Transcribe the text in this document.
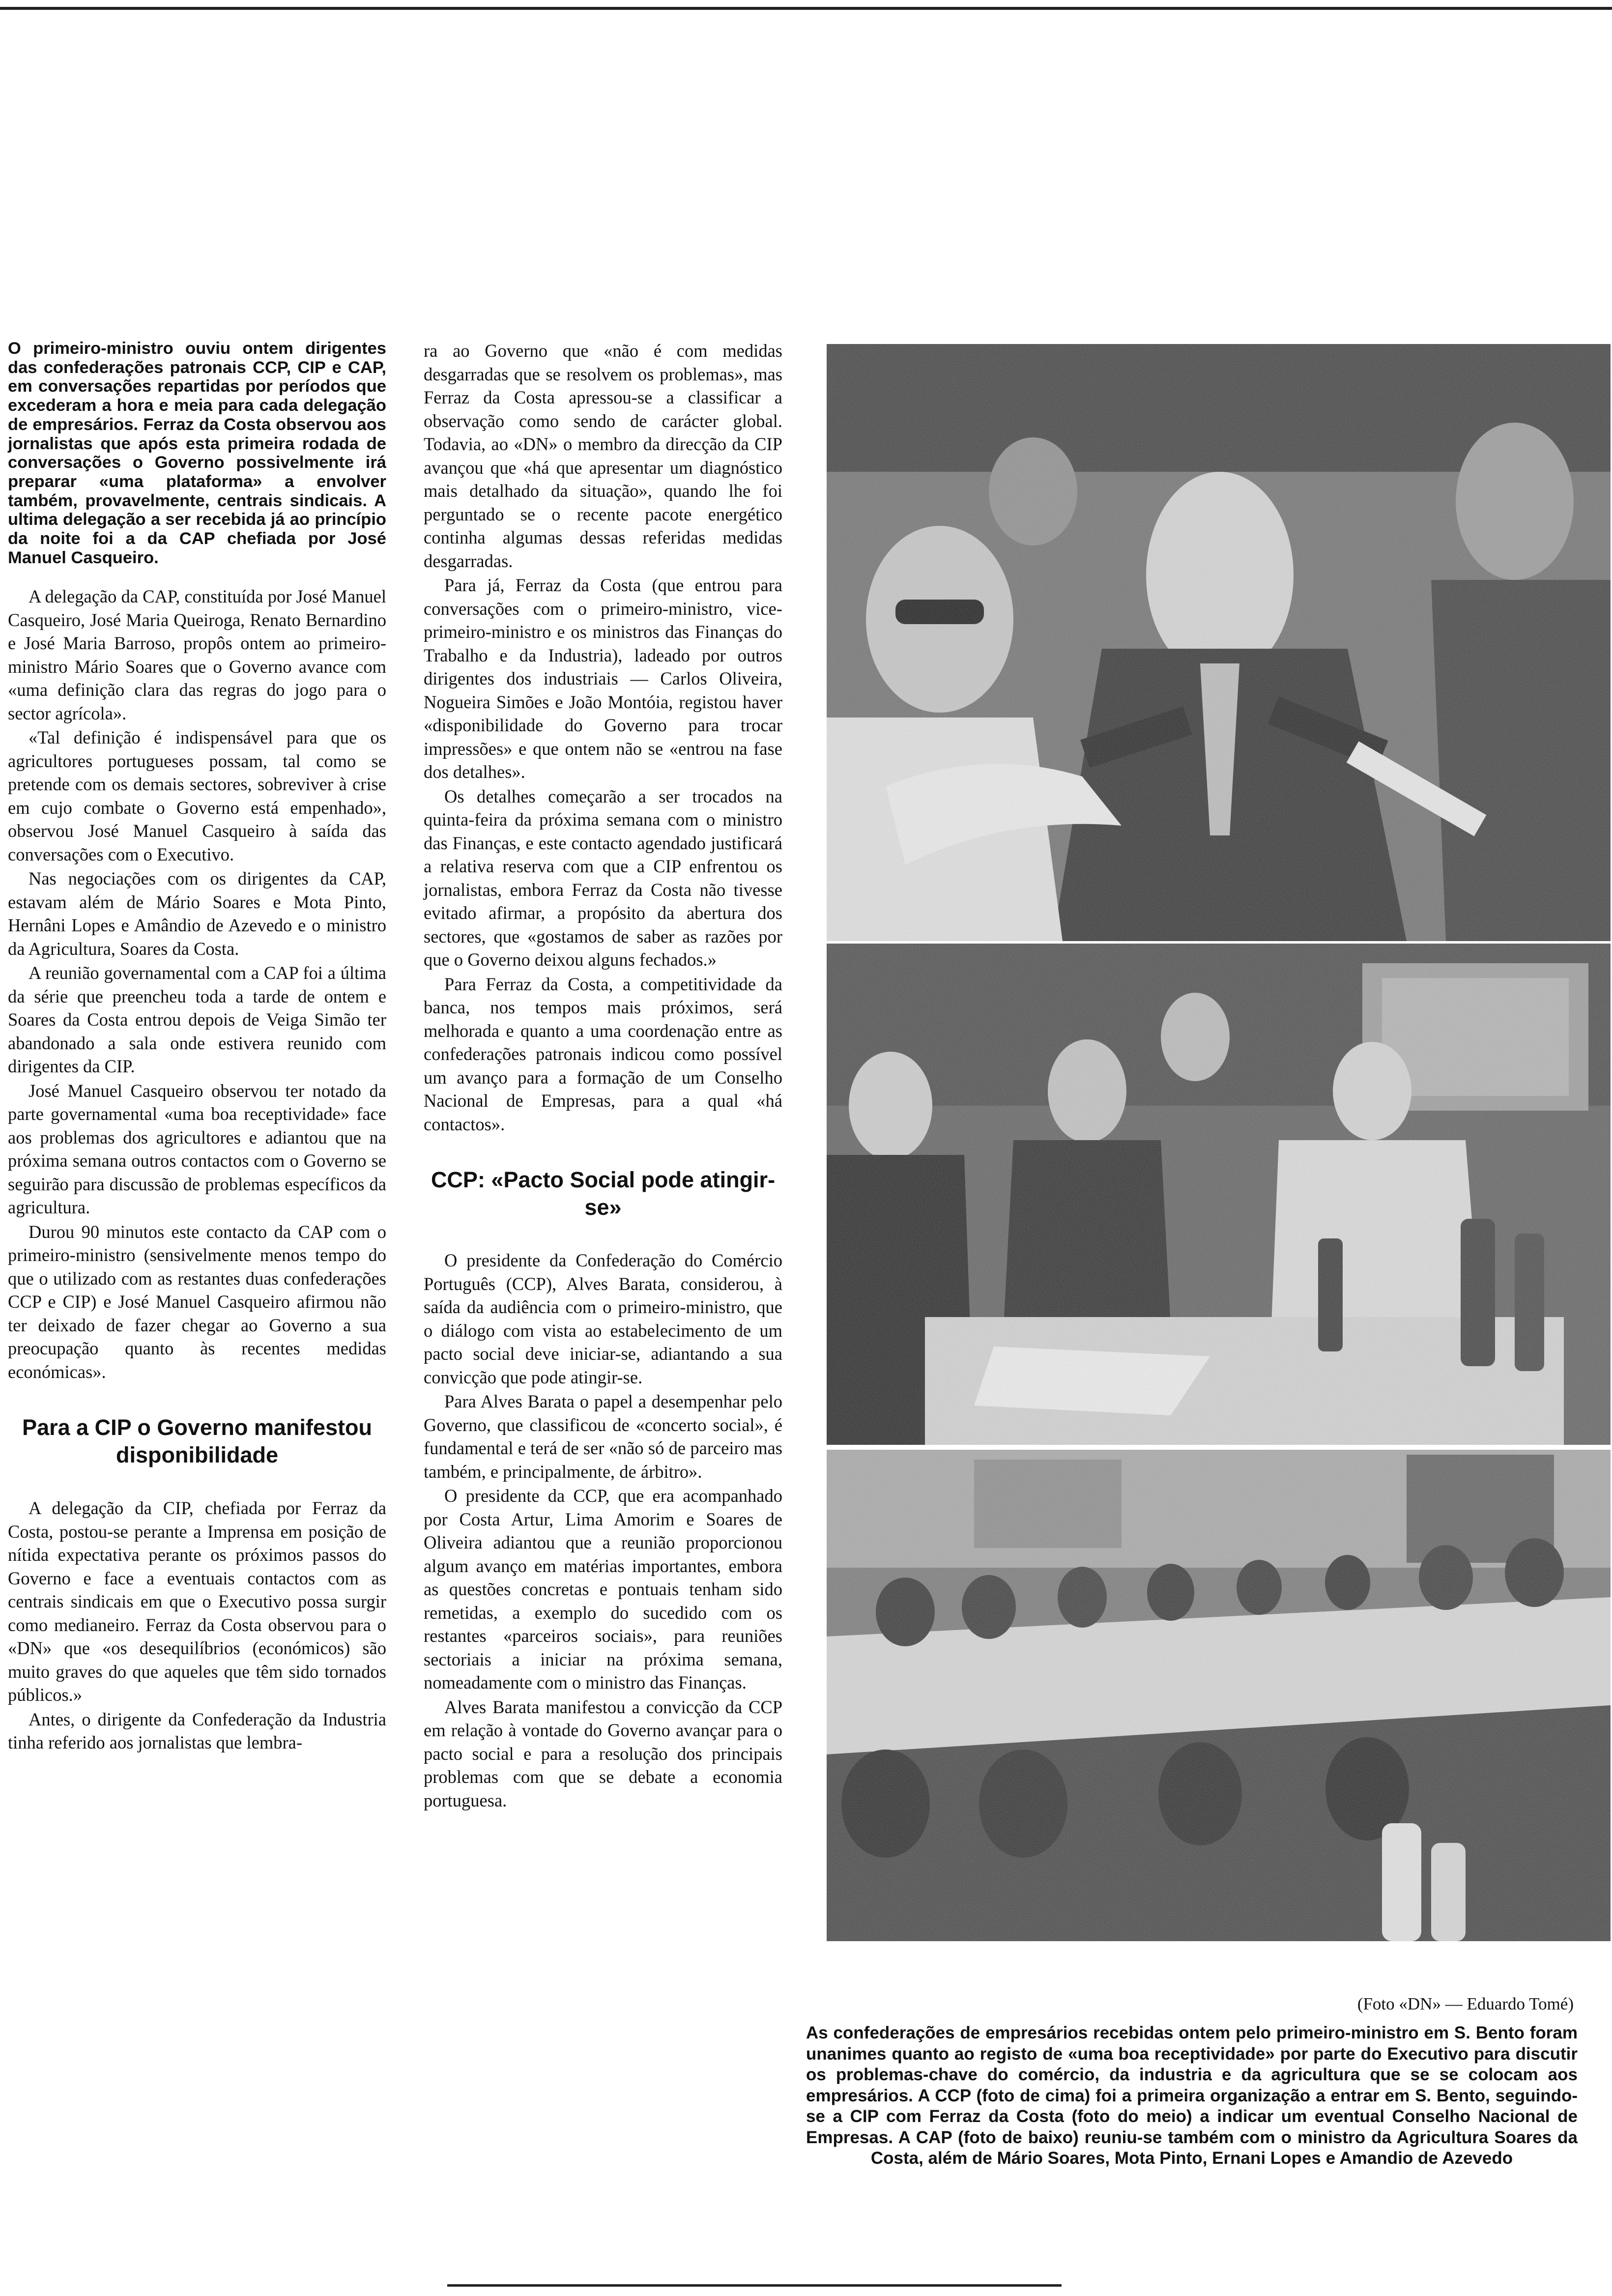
O primeiro-ministro ouviu ontem dirigentes das confederações patronais CCP, CIP e CAP, em conversações repartidas por períodos que excederam a hora e meia para cada delegação de empresários. Ferraz da Costa observou aos jornalistas que após esta primeira rodada de conversações o Governo possivelmente irá preparar «uma plataforma» a envolver também, provavelmente, centrais sindicais. A ultima delegação a ser recebida já ao princípio da noite foi a da CAP chefiada por José Manuel Casqueiro.

A delegação da CAP, constituída por José Manuel Casqueiro, José Maria Queiroga, Renato Bernardino e José Maria Barroso, propôs ontem ao primeiro-ministro Mário Soares que o Governo avance com «uma definição clara das regras do jogo para o sector agrícola».

«Tal definição é indispensável para que os agricultores portugueses possam, tal como se pretende com os demais sectores, sobreviver à crise em cujo combate o Governo está empenhado», observou José Manuel Casqueiro à saída das conversações com o Executivo.

Nas negociações com os dirigentes da CAP, estavam além de Mário Soares e Mota Pinto, Hernâni Lopes e Amândio de Azevedo e o ministro da Agricultura, Soares da Costa.

A reunião governamental com a CAP foi a última da série que preencheu toda a tarde de ontem e Soares da Costa entrou depois de Veiga Simão ter abandonado a sala onde estivera reunido com dirigentes da CIP.

José Manuel Casqueiro observou ter notado da parte governamental «uma boa receptividade» face aos problemas dos agricultores e adiantou que na próxima semana outros contactos com o Governo se seguirão para discussão de problemas específicos da agricultura.

Durou 90 minutos este contacto da CAP com o primeiro-ministro (sensivelmente menos tempo do que o utilizado com as restantes duas confederações CCP e CIP) e José Manuel Casqueiro afirmou não ter deixado de fazer chegar ao Governo a sua preocupação quanto às recentes medidas económicas».

Para a CIP o Governo manifestou disponibilidade

A delegação da CIP, chefiada por Ferraz da Costa, postou-se perante a Imprensa em posição de nítida expectativa perante os próximos passos do Governo e face a eventuais contactos com as centrais sindicais em que o Executivo possa surgir como medianeiro. Ferraz da Costa observou para o «DN» que «os desequilíbrios (económicos) são muito graves do que aqueles que têm sido tornados públicos.»

Antes, o dirigente da Confederação da Industria tinha referido aos jornalistas que lembra-

ra ao Governo que «não é com medidas desgarradas que se resolvem os problemas», mas Ferraz da Costa apressou-se a classificar a observação como sendo de carácter global. Todavia, ao «DN» o membro da direcção da CIP avançou que «há que apresentar um diagnóstico mais detalhado da situação», quando lhe foi perguntado se o recente pacote energético continha algumas dessas referidas medidas desgarradas.

Para já, Ferraz da Costa (que entrou para conversações com o primeiro-ministro, vice-primeiro-ministro e os ministros das Finanças do Trabalho e da Industria), ladeado por outros dirigentes dos industriais — Carlos Oliveira, Nogueira Simões e João Montóia, registou haver «disponibilidade do Governo para trocar impressões» e que ontem não se «entrou na fase dos detalhes».

Os detalhes começarão a ser trocados na quinta-feira da próxima semana com o ministro das Finanças, e este contacto agendado justificará a relativa reserva com que a CIP enfrentou os jornalistas, embora Ferraz da Costa não tivesse evitado afirmar, a propósito da abertura dos sectores, que «gostamos de saber as razões por que o Governo deixou alguns fechados.»

Para Ferraz da Costa, a competitividade da banca, nos tempos mais próximos, será melhorada e quanto a uma coordenação entre as confederações patronais indicou como possível um avanço para a formação de um Conselho Nacional de Empresas, para a qual «há contactos».

CCP: «Pacto Social pode atingir-se»

O presidente da Confederação do Comércio Português (CCP), Alves Barata, considerou, à saída da audiência com o primeiro-ministro, que o diálogo com vista ao estabelecimento de um pacto social deve iniciar-se, adiantando a sua convicção que pode atingir-se.

Para Alves Barata o papel a desempenhar pelo Governo, que classificou de «concerto social», é fundamental e terá de ser «não só de parceiro mas também, e principalmente, de árbitro».

O presidente da CCP, que era acompanhado por Costa Artur, Lima Amorim e Soares de Oliveira adiantou que a reunião proporcionou algum avanço em matérias importantes, embora as questões concretas e pontuais tenham sido remetidas, a exemplo do sucedido com os restantes «parceiros sociais», para reuniões sectoriais a iniciar na próxima semana, nomeadamente com o ministro das Finanças.

Alves Barata manifestou a convicção da CCP em relação à vontade do Governo avançar para o pacto social e para a resolução dos principais problemas com que se debate a economia portuguesa.

(Foto «DN» — Eduardo Tomé)
As confederações de empresários recebidas ontem pelo primeiro-ministro em S. Bento foram unanimes quanto ao registo de «uma boa receptividade» por parte do Executivo para discutir os problemas-chave do comércio, da industria e da agricultura que se se colocam aos empresários. A CCP (foto de cima) foi a primeira organização a entrar em S. Bento, seguindo-se a CIP com Ferraz da Costa (foto do meio) a indicar um eventual Conselho Nacional de Empresas. A CAP (foto de baixo) reuniu-se também com o ministro da Agricultura Soares da Costa, além de Mário Soares, Mota Pinto, Ernani Lopes e Amandio de Azevedo
